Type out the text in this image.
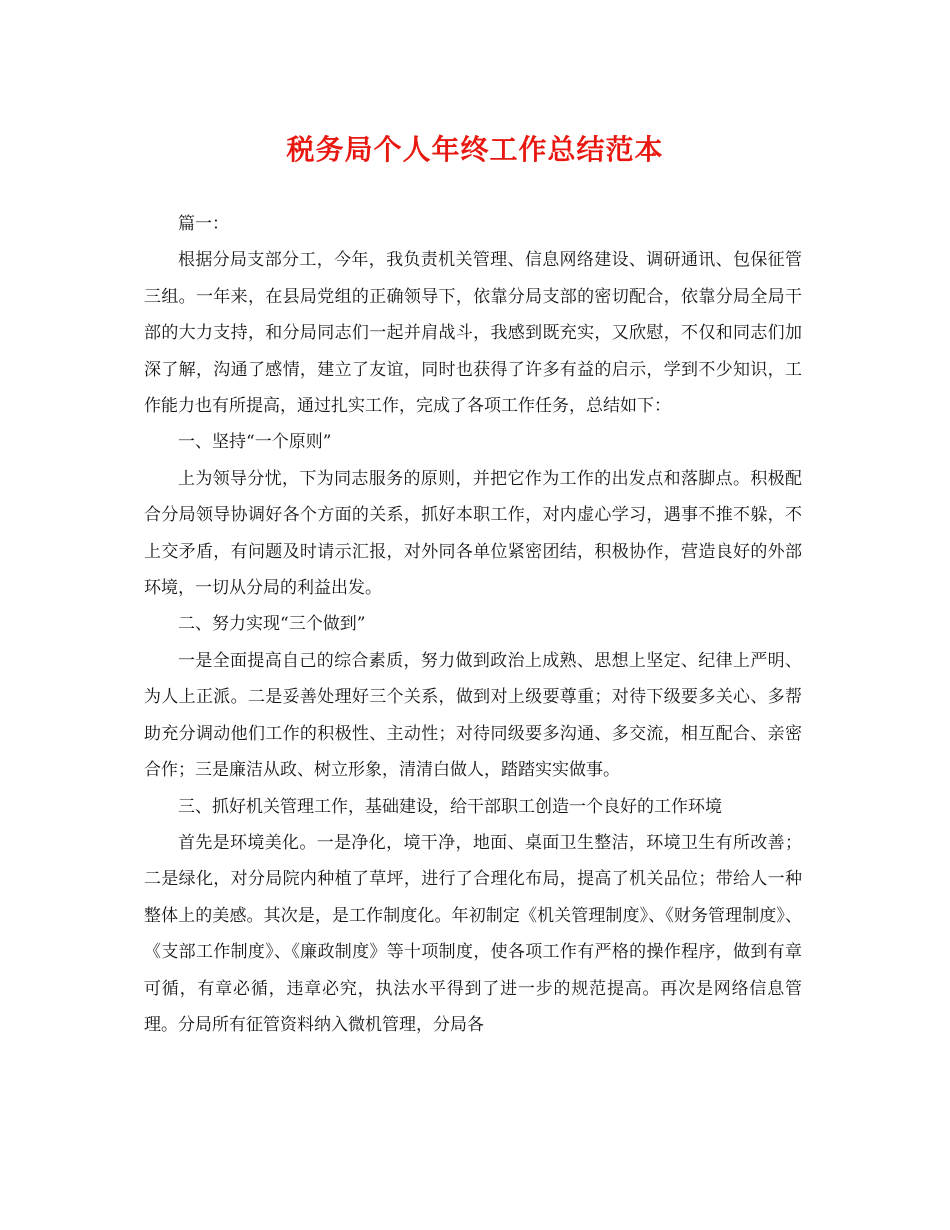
税务局个人年终工作总结范本

篇一：

根据分局支部分工，今年，我负责机关管理、信息网络建设、调研通讯、包保征管三组。一年来，在县局党组的正确领导下，依靠分局支部的密切配合，依靠分局全局干部的大力支持，和分局同志们一起并肩战斗，我感到既充实，又欣慰，不仅和同志们加深了解，沟通了感情，建立了友谊，同时也获得了许多有益的启示，学到不少知识，工作能力也有所提高，通过扎实工作，完成了各项工作任务，总结如下：

一、坚持“一个原则”

上为领导分忧，下为同志服务的原则，并把它作为工作的出发点和落脚点。积极配合分局领导协调好各个方面的关系，抓好本职工作，对内虚心学习，遇事不推不躲，不上交矛盾，有问题及时请示汇报，对外同各单位紧密团结，积极协作，营造良好的外部环境，一切从分局的利益出发。

二、努力实现“三个做到”

一是全面提高自己的综合素质，努力做到政治上成熟、思想上坚定、纪律上严明、为人上正派。二是妥善处理好三个关系，做到对上级要尊重；对待下级要多关心、多帮助充分调动他们工作的积极性、主动性；对待同级要多沟通、多交流，相互配合、亲密合作；三是廉洁从政、树立形象，清清白做人，踏踏实实做事。

三、抓好机关管理工作，基础建设，给干部职工创造一个良好的工作环境

首先是环境美化。一是净化，境干净，地面、桌面卫生整洁，环境卫生有所改善；二是绿化，对分局院内种植了草坪，进行了合理化布局，提高了机关品位；带给人一种整体上的美感。其次是，是工作制度化。年初制定《机关管理制度》、《财务管理制度》、《支部工作制度》、《廉政制度》等十项制度，使各项工作有严格的操作程序，做到有章可循，有章必循，违章必究，执法水平得到了进一步的规范提高。再次是网络信息管理。分局所有征管资料纳入微机管理，分局各
